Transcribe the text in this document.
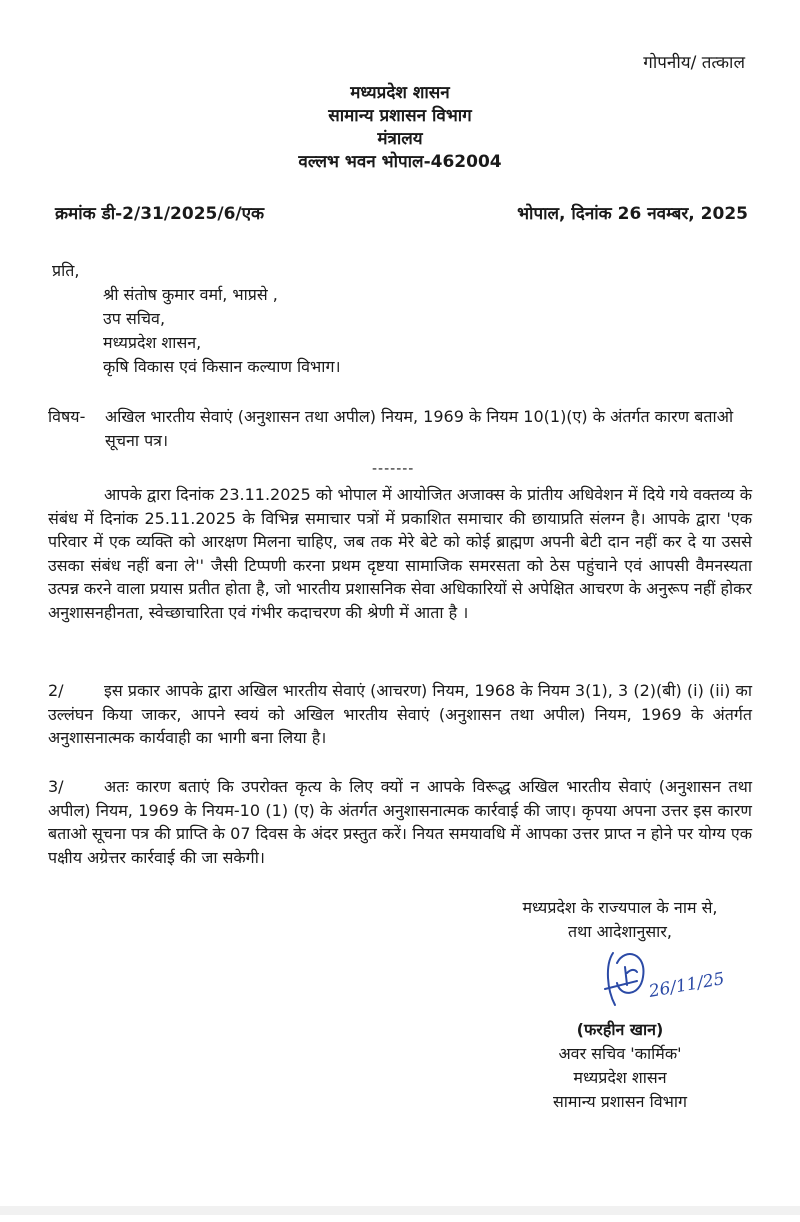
गोपनीय/ तत्काल
मध्यप्रदेश शासन
सामान्य प्रशासन विभाग
मंत्रालय
वल्लभ भवन भोपाल-462004
क्रमांक डी-2/31/2025/6/एक	भोपाल, दिनांक 26 नवम्बर, 2025
प्रति,
श्री संतोष कुमार वर्मा, भाप्रसे ,
उप सचिव,
मध्यप्रदेश शासन,
कृषि विकास एवं किसान कल्याण विभाग।
विषय- अखिल भारतीय सेवाएं (अनुशासन तथा अपील) नियम, 1969 के नियम 10(1)(ए) के अंतर्गत कारण बताओ सूचना पत्र।
-------
आपके द्वारा दिनांक 23.11.2025 को भोपाल में आयोजित अजाक्स के प्रांतीय अधिवेशन में दिये गये वक्तव्य के संबंध में दिनांक 25.11.2025 के विभिन्न समाचार पत्रों में प्रकाशित समाचार की छायाप्रति संलग्न है। आपके द्वारा 'एक परिवार में एक व्यक्ति को आरक्षण मिलना चाहिए, जब तक मेरे बेटे को कोई ब्राह्मण अपनी बेटी दान नहीं कर दे या उससे उसका संबंध नहीं बना ले'' जैसी टिप्पणी करना प्रथम दृष्टया सामाजिक समरसता को ठेस पहुंचाने एवं आपसी वैमनस्यता उत्पन्न करने वाला प्रयास प्रतीत होता है, जो भारतीय प्रशासनिक सेवा अधिकारियों से अपेक्षित आचरण के अनुरूप नहीं होकर अनुशासनहीनता, स्वेच्छाचारिता एवं गंभीर कदाचरण की श्रेणी में आता है ।
2/	इस प्रकार आपके द्वारा अखिल भारतीय सेवाएं (आचरण) नियम, 1968 के नियम 3(1), 3 (2)(बी) (i) (ii) का उल्लंघन किया जाकर, आपने स्वयं को अखिल भारतीय सेवाएं (अनुशासन तथा अपील) नियम, 1969 के अंतर्गत अनुशासनात्मक कार्यवाही का भागी बना लिया है।
3/	अतः कारण बताएं कि उपरोक्त कृत्य के लिए क्यों न आपके विरूद्ध अखिल भारतीय सेवाएं (अनुशासन तथा अपील) नियम, 1969 के नियम-10 (1) (ए) के अंतर्गत अनुशासनात्मक कार्रवाई की जाए। कृपया अपना उत्तर इस कारण बताओ सूचना पत्र की प्राप्ति के 07 दिवस के अंदर प्रस्तुत करें। नियत समयावधि में आपका उत्तर प्राप्त न होने पर योग्य एक पक्षीय अग्रेत्तर कार्रवाई की जा सकेगी।
मध्यप्रदेश के राज्यपाल के नाम से,
तथा आदेशानुसार,
26/11/25
(फरहीन खान)
अवर सचिव 'कार्मिक'
मध्यप्रदेश शासन
सामान्य प्रशासन विभाग
